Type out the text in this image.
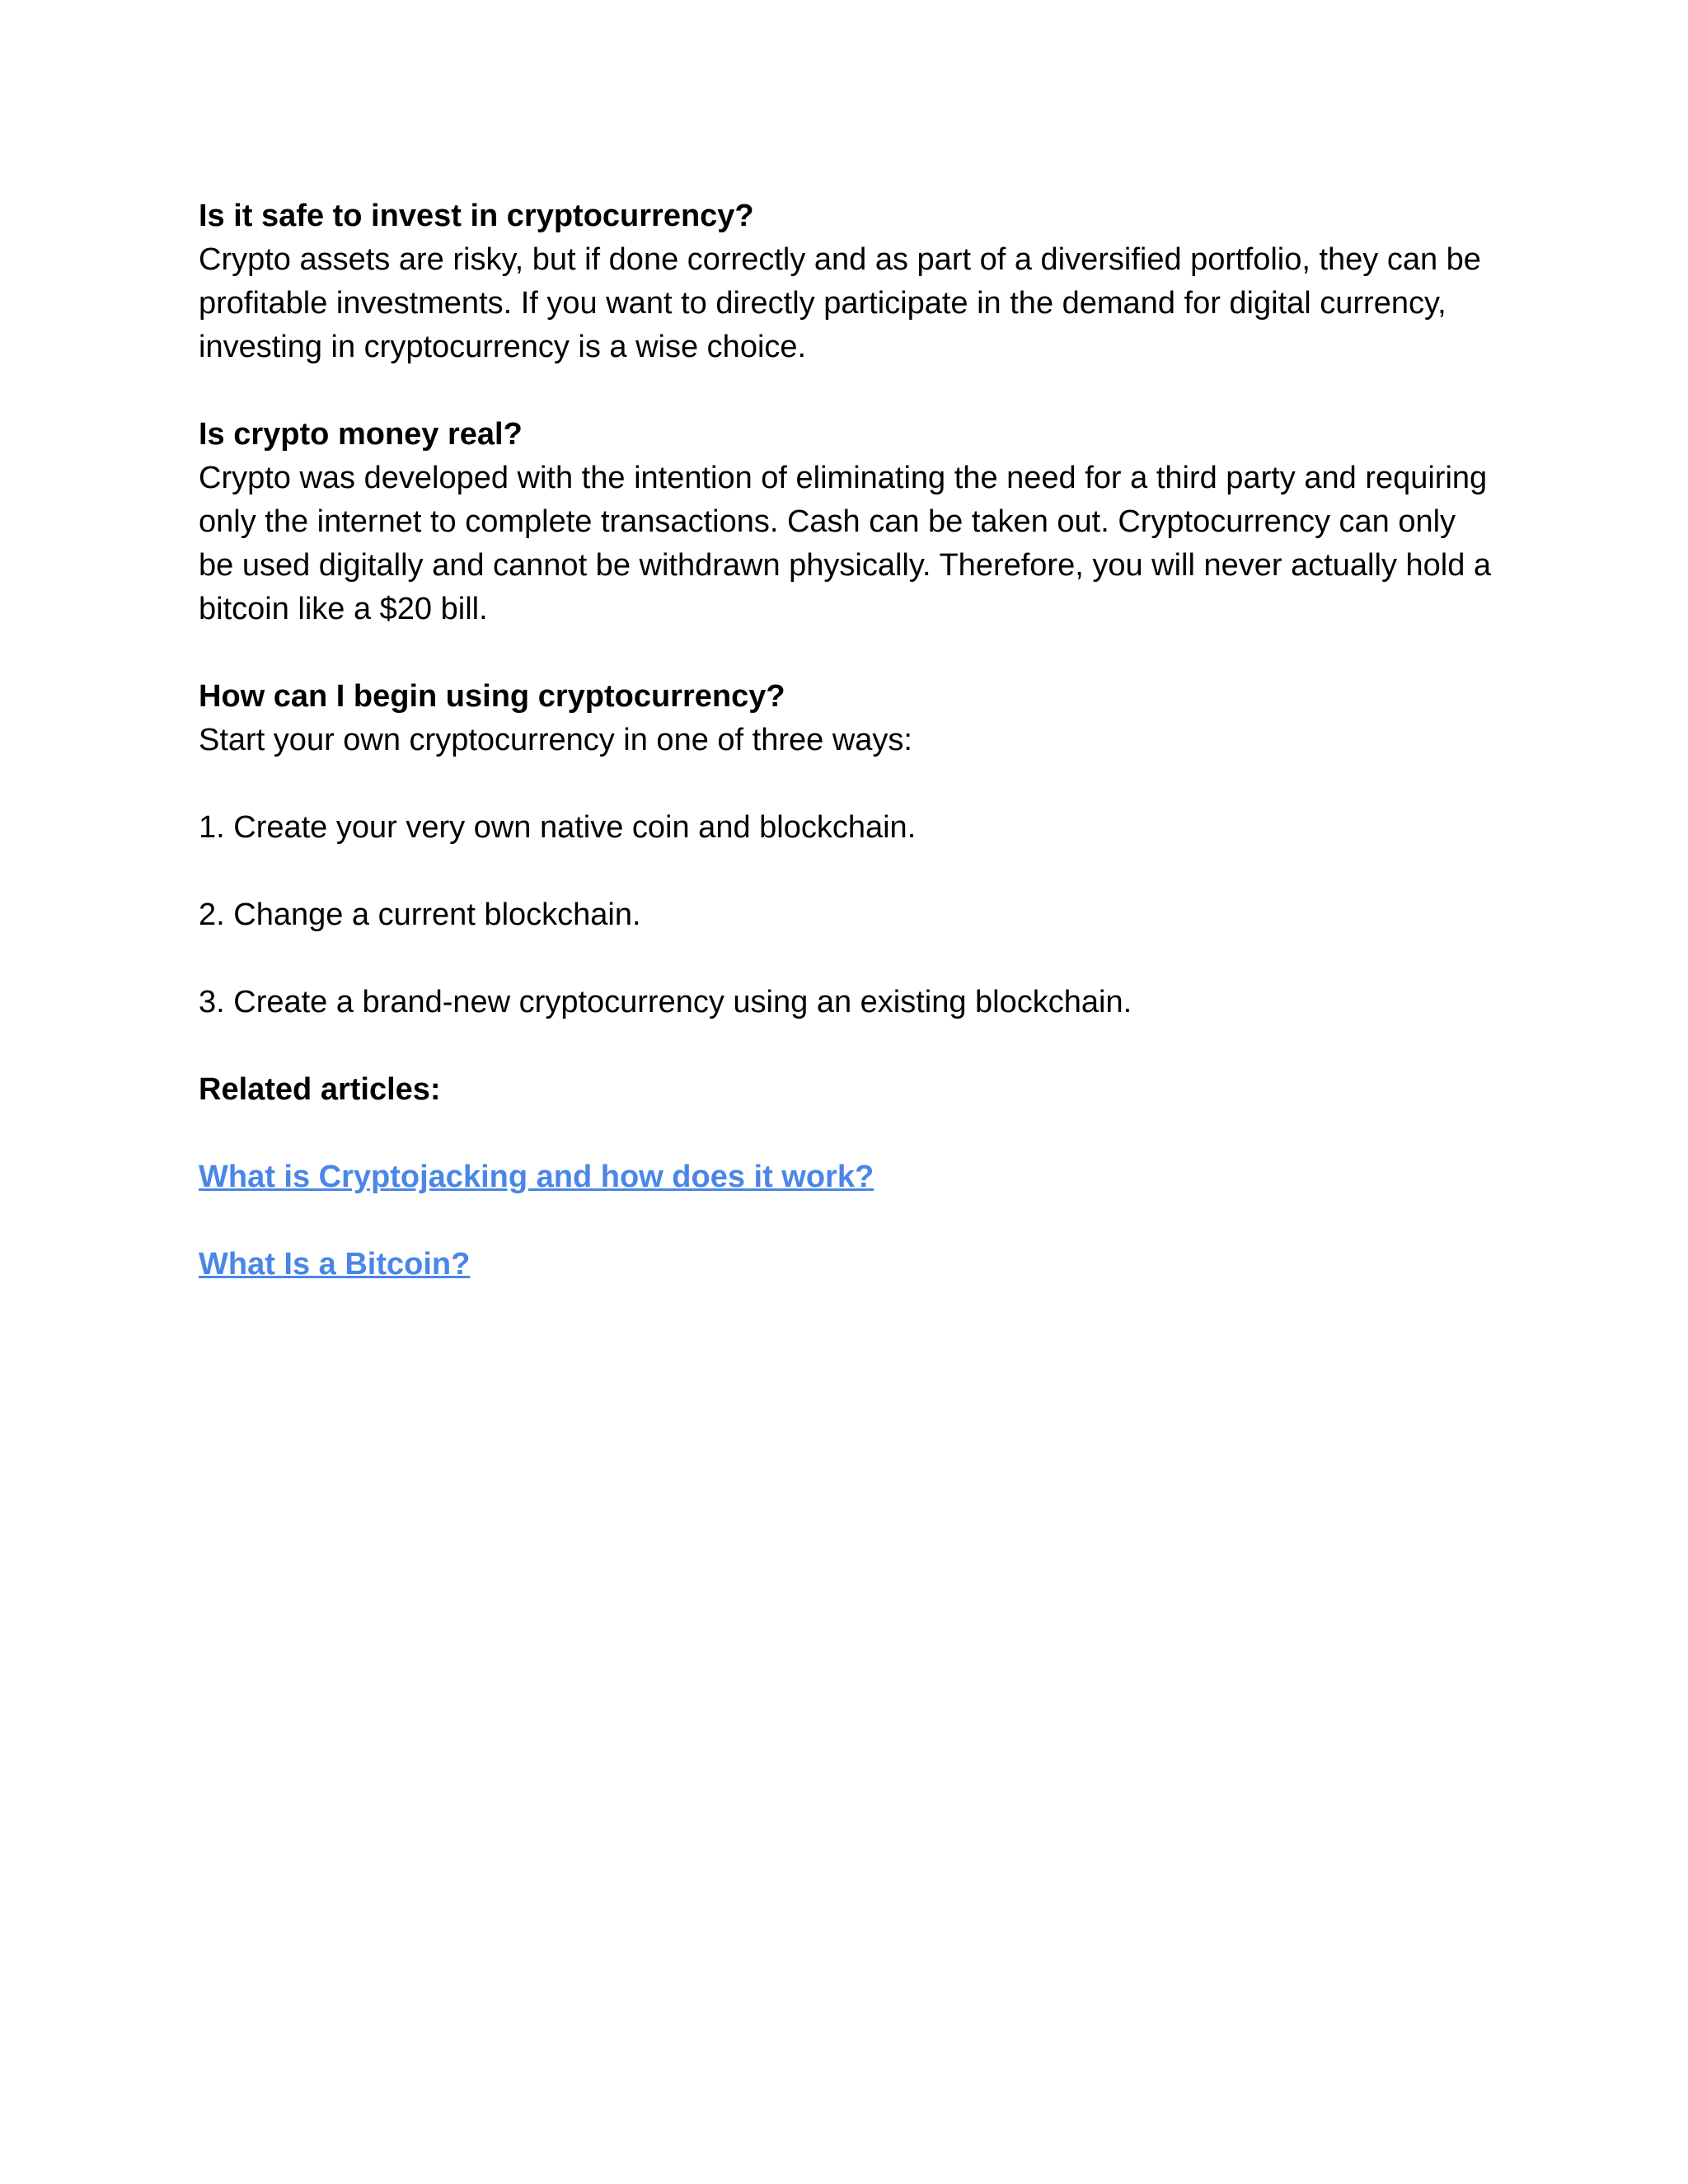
Is it safe to invest in cryptocurrency?
Crypto assets are risky, but if done correctly and as part of a diversified portfolio, they can be profitable investments. If you want to directly participate in the demand for digital currency, investing in cryptocurrency is a wise choice.
Is crypto money real?
Crypto was developed with the intention of eliminating the need for a third party and requiring only the internet to complete transactions. Cash can be taken out. Cryptocurrency can only be used digitally and cannot be withdrawn physically. Therefore, you will never actually hold a bitcoin like a $20 bill.
How can I begin using cryptocurrency?
Start your own cryptocurrency in one of three ways:
1. Create your very own native coin and blockchain.
2. Change a current blockchain.
3. Create a brand-new cryptocurrency using an existing blockchain.
Related articles:
What is Cryptojacking and how does it work?
What Is a Bitcoin?
